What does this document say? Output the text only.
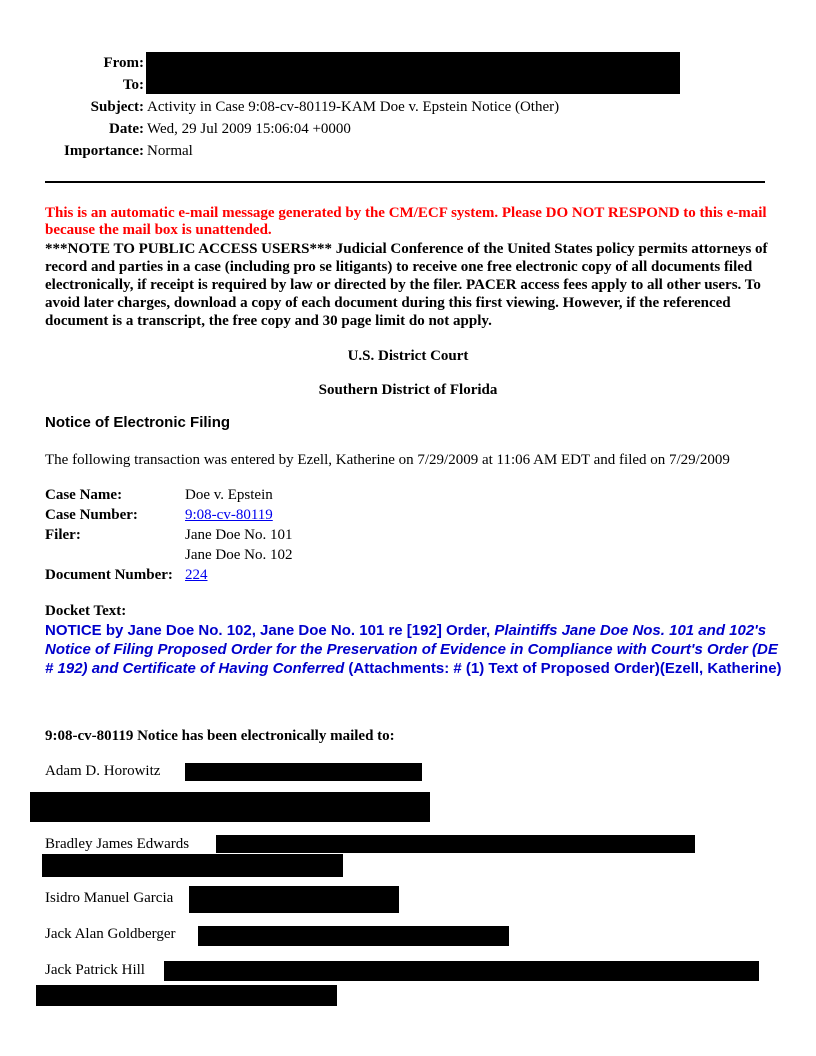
From:
To:
Subject: Activity in Case 9:08-cv-80119-KAM Doe v. Epstein Notice (Other)
Date: Wed, 29 Jul 2009 15:06:04 +0000
Importance: Normal
This is an automatic e-mail message generated by the CM/ECF system. Please DO NOT RESPOND to this e-mail because the mail box is unattended.
***NOTE TO PUBLIC ACCESS USERS*** Judicial Conference of the United States policy permits attorneys of record and parties in a case (including pro se litigants) to receive one free electronic copy of all documents filed electronically, if receipt is required by law or directed by the filer. PACER access fees apply to all other users. To avoid later charges, download a copy of each document during this first viewing. However, if the referenced document is a transcript, the free copy and 30 page limit do not apply.
U.S. District Court
Southern District of Florida
Notice of Electronic Filing
The following transaction was entered by Ezell, Katherine on 7/29/2009 at 11:06 AM EDT and filed on 7/29/2009
Case Name:	Doe v. Epstein
Case Number:	9:08-cv-80119
Filer:	Jane Doe No. 101
Jane Doe No. 102
Document Number: 224
Docket Text:
NOTICE by Jane Doe No. 102, Jane Doe No. 101 re [192] Order, Plaintiffs Jane Doe Nos. 101 and 102's Notice of Filing Proposed Order for the Preservation of Evidence in Compliance with Court's Order (DE # 192) and Certificate of Having Conferred (Attachments: # (1) Text of Proposed Order)(Ezell, Katherine)
9:08-cv-80119 Notice has been electronically mailed to:
Adam D. Horowitz
Bradley James Edwards
Isidro Manuel Garcia
Jack Alan Goldberger
Jack Patrick Hill
